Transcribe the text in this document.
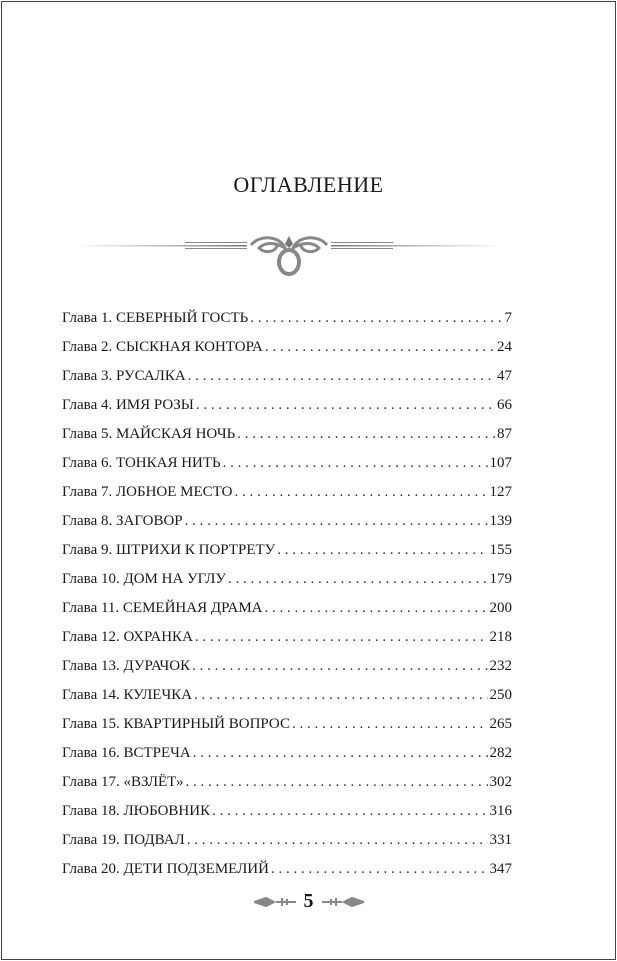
ОГЛАВЛЕНИЕ
Глава 1. СЕВЕРНЫЙ ГОСТЬ . . .	7
Глава 2. СЫСКНАЯ КОНТОРА . . .	24
Глава 3. РУСАЛКА . . .	47
Глава 4. ИМЯ РОЗЫ . . .	66
Глава 5. МАЙСКАЯ НОЧЬ . . .	87
Глава 6. ТОНКАЯ НИТЬ . . .	107
Глава 7. ЛОБНОЕ МЕСТО . . .	127
Глава 8. ЗАГОВОР . . .	139
Глава 9. ШТРИХИ К ПОРТРЕТУ . . .	155
Глава 10. ДОМ НА УГЛУ . . .	179
Глава 11. СЕМЕЙНАЯ ДРАМА . . .	200
Глава 12. ОХРАНКА . . .	218
Глава 13. ДУРАЧОК . . .	232
Глава 14. КУЛЕЧКА . . .	250
Глава 15. КВАРТИРНЫЙ ВОПРОС . . .	265
Глава 16. ВСТРЕЧА . . .	282
Глава 17. «ВЗЛЁТ» . . .	302
Глава 18. ЛЮБОВНИК . . .	316
Глава 19. ПОДВАЛ . . .	331
Глава 20. ДЕТИ ПОДЗЕМЕЛИЙ . . .	347
5
